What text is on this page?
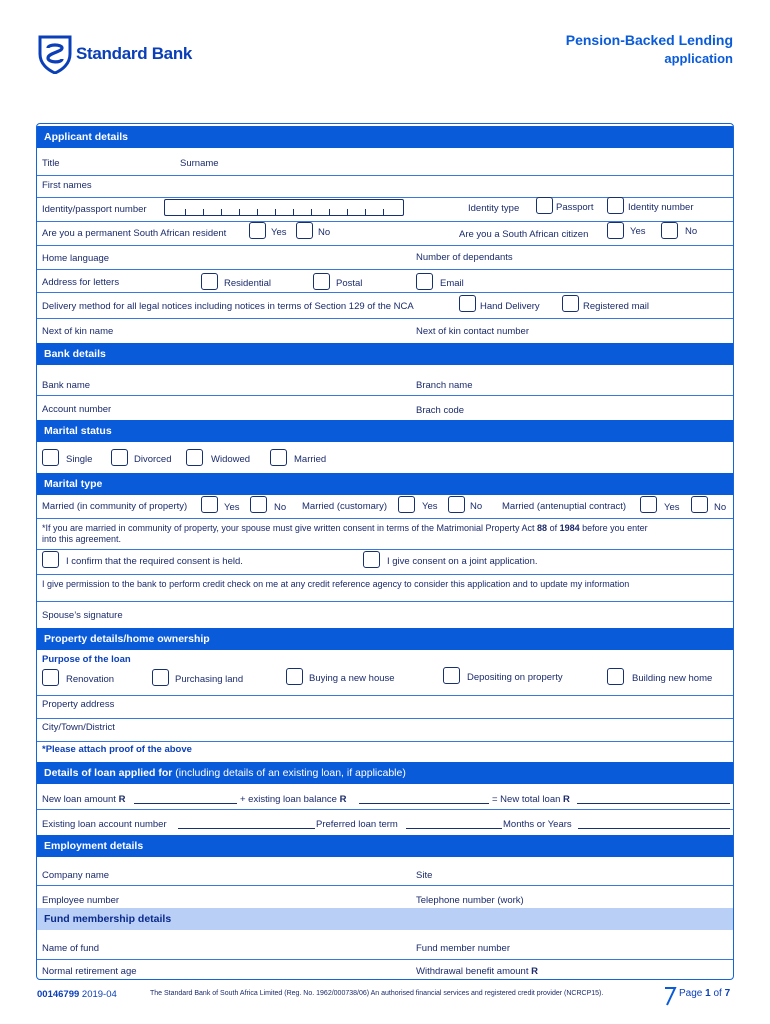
Standard Bank
Pension-Backed Lending
application
Applicant details
Bank details
Marital status
Marital type
Property details/home ownership
Details of loan applied for (including details of an existing loan, if applicable)
Employment details
Fund membership details
Title	Surname
First names
Identity/passport number	Identity type	Passport	Identity number
Are you a permanent South African resident	Yes	No	Are you a South African citizen	Yes	No
Home language	Number of dependants
Address for letters	Residential	Postal	Email
Delivery method for all legal notices including notices in terms of Section 129 of the NCA	Hand Delivery	Registered mail
Next of kin name	Next of kin contact number
Bank name	Branch name
Account number	Brach code
Single	Divorced	Widowed	Married
Married (in community of property)	Yes	No Married (customary)	Yes	No Married (antenuptial contract)	Yes	No
*If you are married in community of property, your spouse must give written consent in terms of the Matrimonial Property Act 88 of 1984 before you enter
into this agreement.
I confirm that the required consent is held.	I give consent on a joint application.
I give permission to the bank to perform credit check on me at any credit reference agency to consider this application and to update my information
Spouse’s signature
Purpose of the loan
Renovation	Purchasing land	Buying a new house	Depositing on property	Building new home
Property address
City/Town/District
*Please attach proof of the above
New loan amount R	+ existing loan balance R	= New total loan R
Existing loan account number	Preferred loan term	Months or Years
Company name	Site
Employee number	Telephone number (work)
Name of fund	Fund member number
Normal retirement age	Withdrawal benefit amount R
00146799 2019-04	The Standard Bank of South Africa Limited (Reg. No. 1962/000738/06) An authorised financial services and registered credit provider (NCRCP15).	Page 1 of 7
